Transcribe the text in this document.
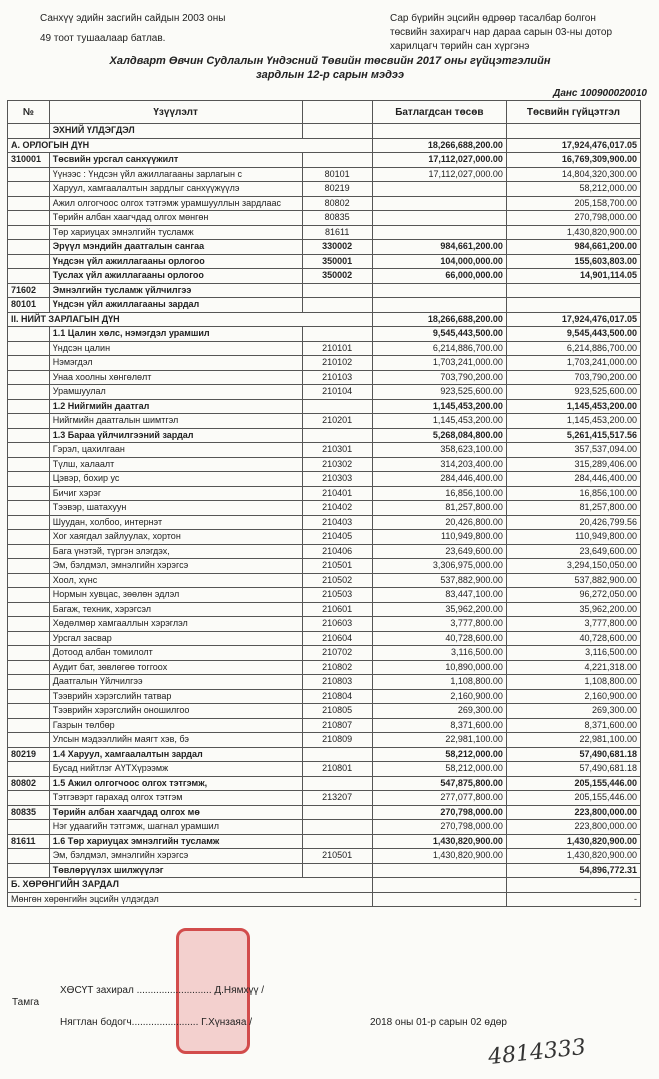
Санхүү эдийн засгийн сайдын 2003 оны
49 тоот тушаалаар батлав.
Сар бүрийн эцсийн өдрөөр тасалбар болгон
төсвийн захирагч нар дараа сарын 03-ны дотор
харилцагч төрийн сан хүргэнэ
Халдварт Өвчин Судлалын Үндэсний Төвийн төсвийн 2017 оны гүйцэтгэлийн
зардлын 12-р сарын мэдээ
Данс 100900020010
№	Үзүүлэлт		Батлагдсан төсөв	Төсвийн гүйцэтгэл
	ЭХНИЙ ҮЛДЭГДЭЛ			
А. ОРЛОГЫН ДҮН			18,266,688,200.00	17,924,476,017.05
310001	Төсвийн урсгал санхүүжилт		17,112,027,000.00	16,769,309,900.00
	Үүнээс : Үндсэн үйл ажиллагааны зарлагын с	80101	17,112,027,000.00	14,804,320,300.00
	Харуул, хамгаалалтын зардлыг санхүүжүүлэ	80219		58,212,000.00
	Ажил олгогчоос олгох тэтгэмж урамшууллын зардлаас	80802		205,158,700.00
	Төрийн албан хаагчдад олгох мөнгөн	80835		270,798,000.00
	Төр хариуцах эмнэлгийн тусламж	81611		1,430,820,900.00
	Эрүүл мэндийн даатгалын сангаа	330002	984,661,200.00	984,661,200.00
	Үндсэн үйл ажиллагааны орлогоо	350001	104,000,000.00	155,603,803.00
	Туслах үйл ажиллагааны орлогоо	350002	66,000,000.00	14,901,114.05
71602	Эмнэлгийн тусламж үйлчилгээ			
80101	Үндсэн үйл ажиллагааны зардал			
II. НИЙТ ЗАРЛАГЫН ДҮН			18,266,688,200.00	17,924,476,017.05
	1.1 Цалин хөлс, нэмэгдэл урамшил		9,545,443,500.00	9,545,443,500.00
	Үндсэн цалин	210101	6,214,886,700.00	6,214,886,700.00
	Нэмэгдэл	210102	1,703,241,000.00	1,703,241,000.00
	Унаа хоолны хөнгөлөлт	210103	703,790,200.00	703,790,200.00
	Урамшуулал	210104	923,525,600.00	923,525,600.00
	1.2 Нийгмийн даатгал		1,145,453,200.00	1,145,453,200.00
	Нийгмийн даатгалын шимтгэл	210201	1,145,453,200.00	1,145,453,200.00
	1.3 Бараа үйлчилгээний зардал		5,268,084,800.00	5,261,415,517.56
	Гэрэл, цахилгаан	210301	358,623,100.00	357,537,094.00
	Түлш, халаалт	210302	314,203,400.00	315,289,406.00
	Цэвэр, бохир ус	210303	284,446,400.00	284,446,400.00
	Бичиг хэрэг	210401	16,856,100.00	16,856,100.00
	Тээвэр, шатахуун	210402	81,257,800.00	81,257,800.00
	Шуудан, холбоо, интернэт	210403	20,426,800.00	20,426,799.56
	Хог хаягдал зайлуулах, хортон	210405	110,949,800.00	110,949,800.00
	Бага үнэтэй, түргэн элэгдэх,	210406	23,649,600.00	23,649,600.00
	Эм, бэлдмэл, эмнэлгийн хэрэгсэ	210501	3,306,975,000.00	3,294,150,050.00
	Хоол, хүнс	210502	537,882,900.00	537,882,900.00
	Нормын хувцас, зөөлөн эдлэл	210503	83,447,100.00	96,272,050.00
	Багаж, техник, хэрэгсэл	210601	35,962,200.00	35,962,200.00
	Хөдөлмөр хамгааллын хэрэглэл	210603	3,777,800.00	3,777,800.00
	Урсгал засвар	210604	40,728,600.00	40,728,600.00
	Дотоод албан томилолт	210702	3,116,500.00	3,116,500.00
	Аудит бат, зөвлөгөө тоггоох	210802	10,890,000.00	4,221,318.00
	Даатгалын Үйлчилгээ	210803	1,108,800.00	1,108,800.00
	Тээврийн хэрэгслийн татвар	210804	2,160,900.00	2,160,900.00
	Тээврийн хэрэгслийн оношилгоо	210805	269,300.00	269,300.00
	Газрын төлбөр	210807	8,371,600.00	8,371,600.00
	Улсын мэдээллийн маягт хэв, бэ	210809	22,981,100.00	22,981,100.00
80219	1.4 Харуул, хамгаалалтын зардал		58,212,000.00	57,490,681.18
	Бусад нийтлэг АҮТХүрээмж	210801	58,212,000.00	57,490,681.18
80802	1.5 Ажил олгогчоос олгох тэтгэмж,		547,875,800.00	205,155,446.00
	Тэтгэвэрт гарахад олгох тэтгэм	213207	277,077,800.00	205,155,446.00
80835	Төрийн албан хаагчдад олгох мө		270,798,000.00	223,800,000.00
	Нэг удаагийн тэтгэмж, шагнал урамшил		270,798,000.00	223,800,000.00
81611	1.6 Төр хариуцах эмнэлгийн тусламж		1,430,820,900.00	1,430,820,900.00
	Эм, бэлдмэл, эмнэлгийн хэрэгсэ	210501	1,430,820,900.00	1,430,820,900.00
	Төвлөрүүлэх шилжүүлэг			54,896,772.31
Б. ХӨРӨНГИЙН ЗАРДАЛ				
Мөнгөн хөрөнгийн эцсийн үлдэгдэл				-
Тамга
ХӨСҮТ захирал ........................... Д.Нямхүү /
Нягтлан бодогч........................ Г.Хүнзаяа /	2018 оны 01-р сарын 02 өдөр
4814333
